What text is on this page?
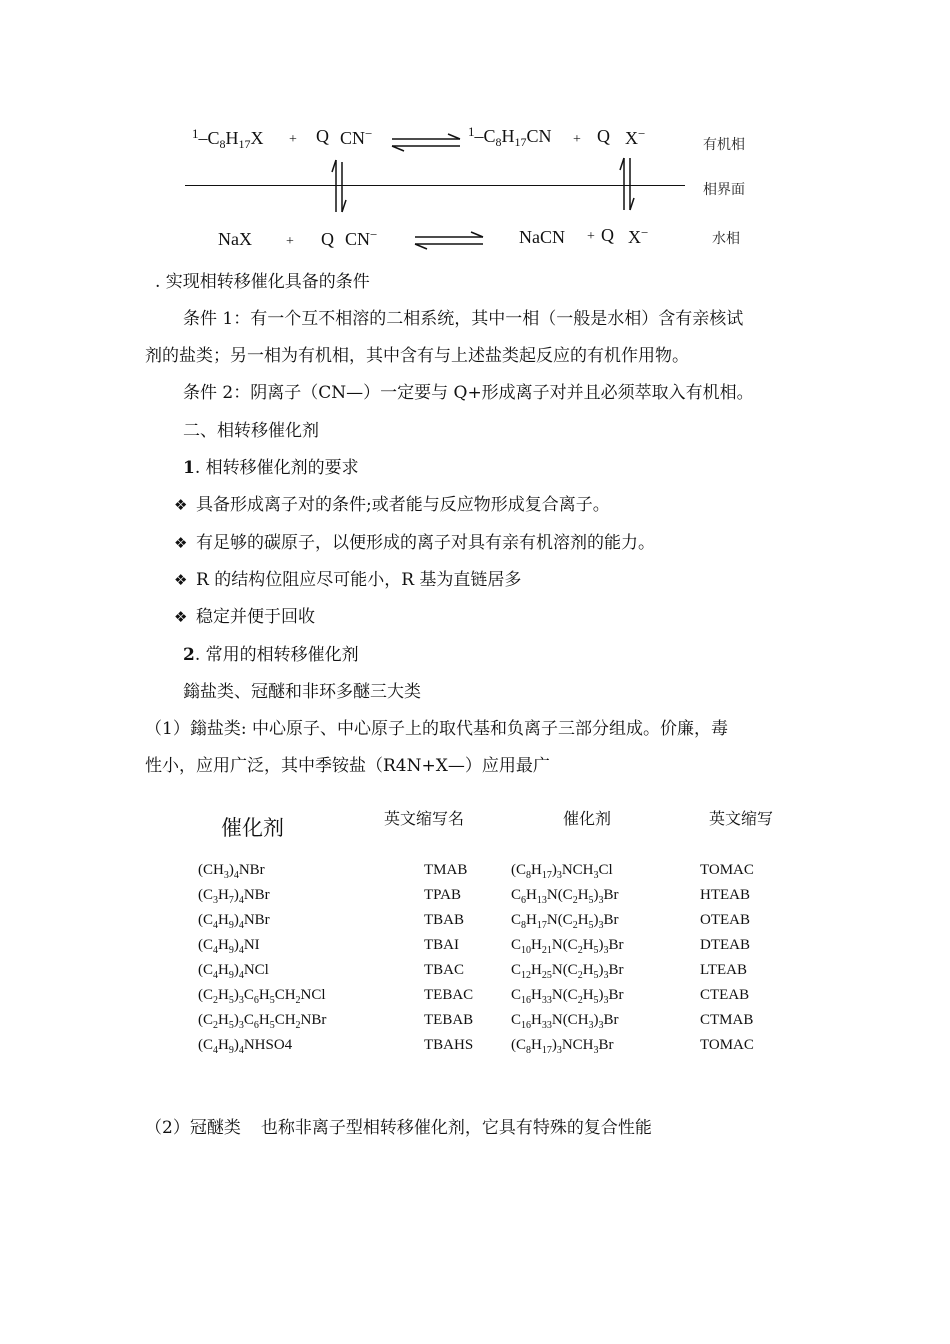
$^1-C_8H_{17}X + Q$ CN−	$^1-C_8H_{17}CN + Q$ X−
有机相
相界面
NaX + Q CN−	NaCN + Q X−	水相
. 实现相转移催化具备的条件
条件 1：有一个互不相溶的二相系统，其中一相（一般是水相）含有亲核试
剂的盐类；另一相为有机相，其中含有与上述盐类起反应的有机作用物。
条件 2：阴离子（CN—）一定要与 Q+形成离子对并且必须萃取入有机相。
二、相转移催化剂
1. 相转移催化剂的要求
❖ 具备形成离子对的条件;或者能与反应物形成复合离子。
❖ 有足够的碳原子，以便形成的离子对具有亲有机溶剂的能力。
❖ R 的结构位阻应尽可能小，R 基为直链居多
❖ 稳定并便于回收
2. 常用的相转移催化剂
鎓盐类、冠醚和非环多醚三大类
（1）鎓盐类: 中心原子、中心原子上的取代基和负离子三部分组成。价廉，毒
性小，应用广泛，其中季铵盐（R4N+X—）应用最广
催化剂	英文缩写名	催化剂	英文缩写
$(CH_3)_4NBr$	TMAB	$(C_8H_{17})_3NCH_3Cl$	TOMAC
$(C_3H_7)_4NBr$	TPAB	$C_6H_{13}N(C_2H_5)_3Br$	HTEAB
$(C_4H_9)_4NBr$	TBAB	$C_8H_{17}N(C_2H_5)_3Br$	OTEAB
$(C_4H_9)_4NI$	TBAI	$C_{10}H_{21}N(C_2H_5)_3Br$	DTEAB
$(C_4H_9)_4NCl$	TBAC	$C_{12}H_{25}N(C_2H_5)_3Br$	LTEAB
$(C_2H_5)_3C_6H_5CH_2NCl$	TEBAC	$C_{16}H_{33}N(C_2H_5)_3Br$	CTEAB
$(C_2H_5)_3C_6H_5CH_2NBr$	TEBAB	$C_{16}H_{33}N(CH_3)_3Br$	CTMAB
$(C_4H_9)_4NHSO4$	TBAHS	$(C_8H_{17})_3NCH_3Br$	TOMAC
（2）冠醚类 也称非离子型相转移催化剂，它具有特殊的复合性能
